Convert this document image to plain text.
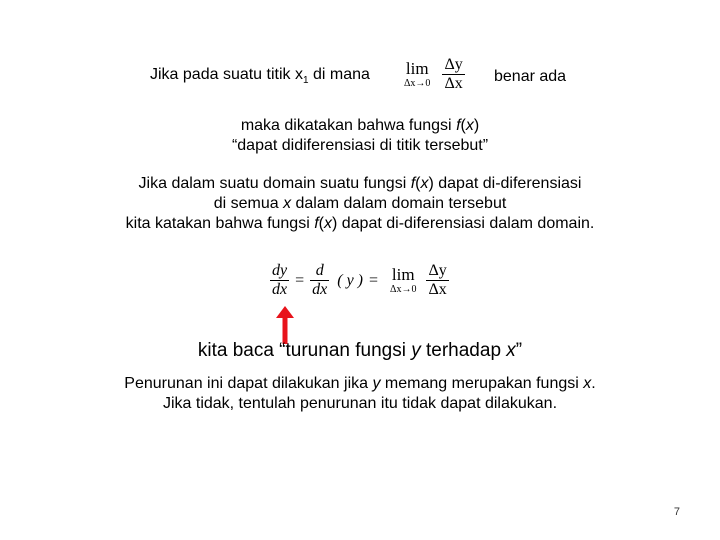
Jika pada suatu titik $x_1$ di mana lim
Δx→0
$\frac{\Delta y}{\Delta x}$ benar ada
maka dikatakan bahwa fungsi f(x)
“dapat didiferensiasi di titik tersebut”
Jika dalam suatu domain suatu fungsi f(x) dapat di-diferensiasi
di semua x dalam dalam domain tersebut
kita katakan bahwa fungsi f(x) dapat di-diferensiasi dalam domain.
$\frac{dy}{dx} = \frac{d}{dx}$ ( y ) = lim
Δx→0
$\frac{\Delta y}{\Delta x}$
kita baca “turunan fungsi y terhadap x”
Penurunan ini dapat dilakukan jika y memang merupakan fungsi x.
Jika tidak, tentulah penurunan itu tidak dapat dilakukan.
7
